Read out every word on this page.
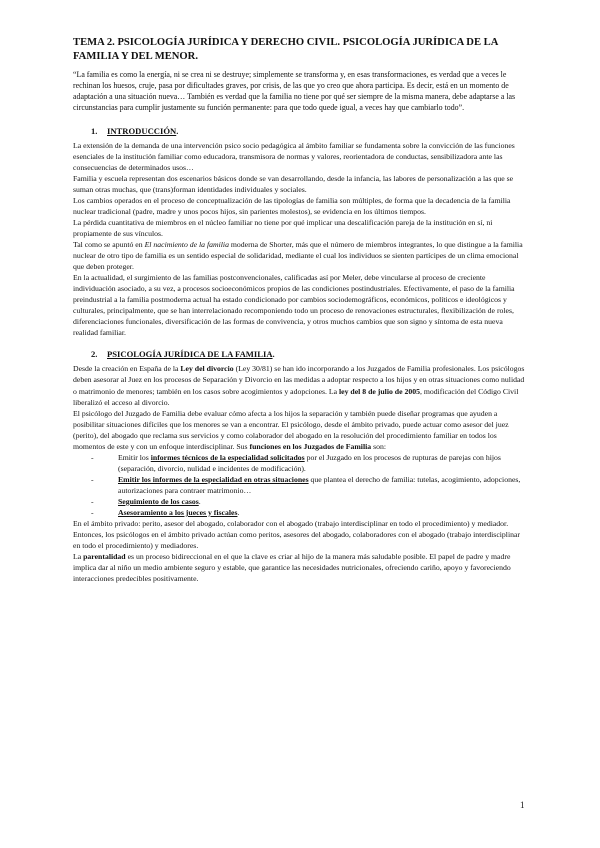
TEMA 2. PSICOLOGÍA JURÍDICA Y DERECHO CIVIL. PSICOLOGÍA JURÍDICA DE LA FAMILIA Y DEL MENOR.

“La familia es como la energía, ni se crea ni se destruye; simplemente se transforma y, en esas transformaciones, es verdad que a veces le rechinan los huesos, cruje, pasa por dificultades graves, por crisis, de las que yo creo que ahora participa. Es decir, está en un momento de adaptación a una situación nueva… También es verdad que la familia no tiene por qué ser siempre de la misma manera, debe adaptarse a las circunstancias para cumplir justamente su función permanente: para que todo quede igual, a veces hay que cambiarlo todo”.

1. INTRODUCCIÓN.

La extensión de la demanda de una intervención psico socio pedagógica al ámbito familiar se fundamenta sobre la convicción de las funciones esenciales de la institución familiar como educadora, transmisora de normas y valores, reorientadora de conductas, sensibilizadora ante las consecuencias de determinados usos…

Familia y escuela representan dos escenarios básicos donde se van desarrollando, desde la infancia, las labores de personalización a las que se suman otras muchas, que (trans)forman identidades individuales y sociales.

Los cambios operados en el proceso de conceptualización de las tipologías de familia son múltiples, de forma que la decadencia de la familia nuclear tradicional (padre, madre y unos pocos hijos, sin parientes molestos), se evidencia en los últimos tiempos.

La pérdida cuantitativa de miembros en el núcleo familiar no tiene por qué implicar una descalificación pareja de la institución en sí, ni propiamente de sus vínculos.

Tal como se apuntó en El nacimiento de la familia moderna de Shorter, más que el número de miembros integrantes, lo que distingue a la familia nuclear de otro tipo de familia es un sentido especial de solidaridad, mediante el cual los individuos se sienten partícipes de un clima emocional que deben proteger.

En la actualidad, el surgimiento de las familias postconvencionales, calificadas así por Meler, debe vincularse al proceso de creciente individuación asociado, a su vez, a procesos socioeconómicos propios de las condiciones postindustriales. Efectivamente, el paso de la familia preindustrial a la familia postmoderna actual ha estado condicionado por cambios sociodemográficos, económicos, políticos e ideológicos y culturales, principalmente, que se han interrelacionado recomponiendo todo un proceso de renovaciones estructurales, flexibilización de roles, diferenciaciones funcionales, diversificación de las formas de convivencia, y otros muchos cambios que son signo y síntoma de esta nueva realidad familiar.

2. PSICOLOGÍA JURÍDICA DE LA FAMILIA.

Desde la creación en España de la Ley del divorcio (Ley 30/81) se han ido incorporando a los Juzgados de Familia profesionales. Los psicólogos deben asesorar al Juez en los procesos de Separación y Divorcio en las medidas a adoptar respecto a los hijos y en otras situaciones como nulidad o matrimonio de menores; también en los casos sobre acogimientos y adopciones. La ley del 8 de julio de 2005, modificación del Código Civil liberalizó el acceso al divorcio.

El psicólogo del Juzgado de Familia debe evaluar cómo afecta a los hijos la separación y también puede diseñar programas que ayuden a posibilitar situaciones difíciles que los menores se van a encontrar. El psicólogo, desde el ámbito privado, puede actuar como asesor del juez (perito), del abogado que reclama sus servicios y como colaborador del abogado en la resolución del procedimiento familiar en todos los momentos de este y con un enfoque interdisciplinar. Sus funciones en los Juzgados de Familia son:

-	Emitir los informes técnicos de la especialidad solicitados por el Juzgado en los procesos de rupturas de parejas con hijos (separación, divorcio, nulidad e incidentes de modificación).
-	Emitir los informes de la especialidad en otras situaciones que plantea el derecho de familia: tutelas, acogimiento, adopciones, autorizaciones para contraer matrimonio…
-	Seguimiento de los casos.
-	Asesoramiento a los jueces y fiscales.

En el ámbito privado: perito, asesor del abogado, colaborador con el abogado (trabajo interdisciplinar en todo el procedimiento) y mediador.

Entonces, los psicólogos en el ámbito privado actúan como peritos, asesores del abogado, colaboradores con el abogado (trabajo interdisciplinar en todo el procedimiento) y mediadores.

La parentalidad es un proceso bidireccional en el que la clave es criar al hijo de la manera más saludable posible. El papel de padre y madre implica dar al niño un medio ambiente seguro y estable, que garantice las necesidades nutricionales, ofreciendo cariño, apoyo y favoreciendo interacciones predecibles positivamente.

1
